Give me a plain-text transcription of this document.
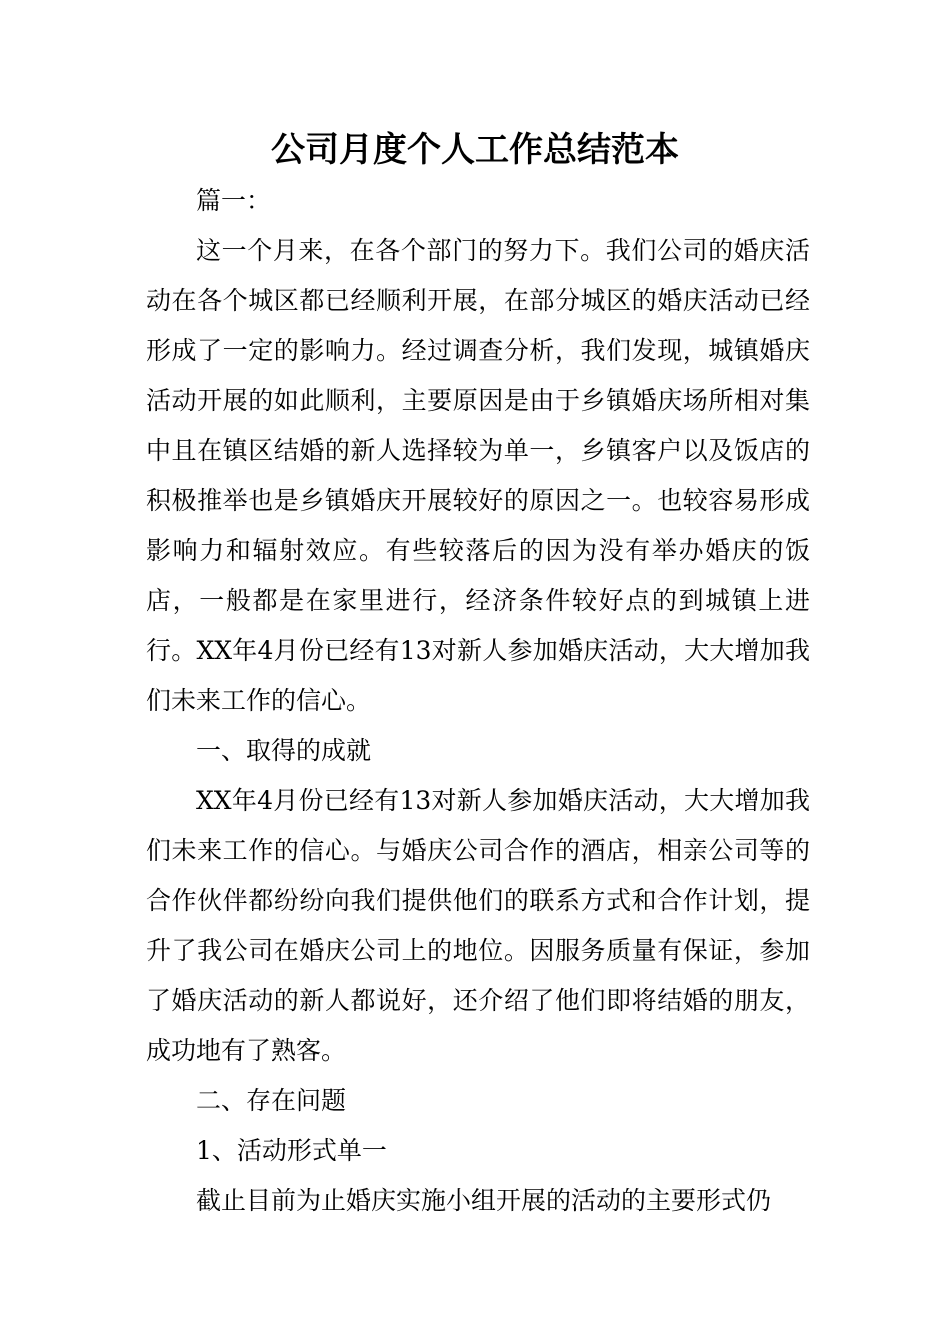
公司月度个人工作总结范本

篇一：

这一个月来，在各个部门的努力下。我们公司的婚庆活动在各个城区都已经顺利开展，在部分城区的婚庆活动已经形成了一定的影响力。经过调查分析，我们发现，城镇婚庆活动开展的如此顺利，主要原因是由于乡镇婚庆场所相对集中且在镇区结婚的新人选择较为单一，乡镇客户以及饭店的积极推举也是乡镇婚庆开展较好的原因之一。也较容易形成影响力和辐射效应。有些较落后的因为没有举办婚庆的饭店，一般都是在家里进行，经济条件较好点的到城镇上进行。XX年4月份已经有13对新人参加婚庆活动，大大增加我们未来工作的信心。

一、取得的成就

XX年4月份已经有13对新人参加婚庆活动，大大增加我们未来工作的信心。与婚庆公司合作的酒店，相亲公司等的合作伙伴都纷纷向我们提供他们的联系方式和合作计划，提升了我公司在婚庆公司上的地位。因服务质量有保证，参加了婚庆活动的新人都说好，还介绍了他们即将结婚的朋友，成功地有了熟客。

二、存在问题

1、活动形式单一

截止目前为止婚庆实施小组开展的活动的主要形式仍
